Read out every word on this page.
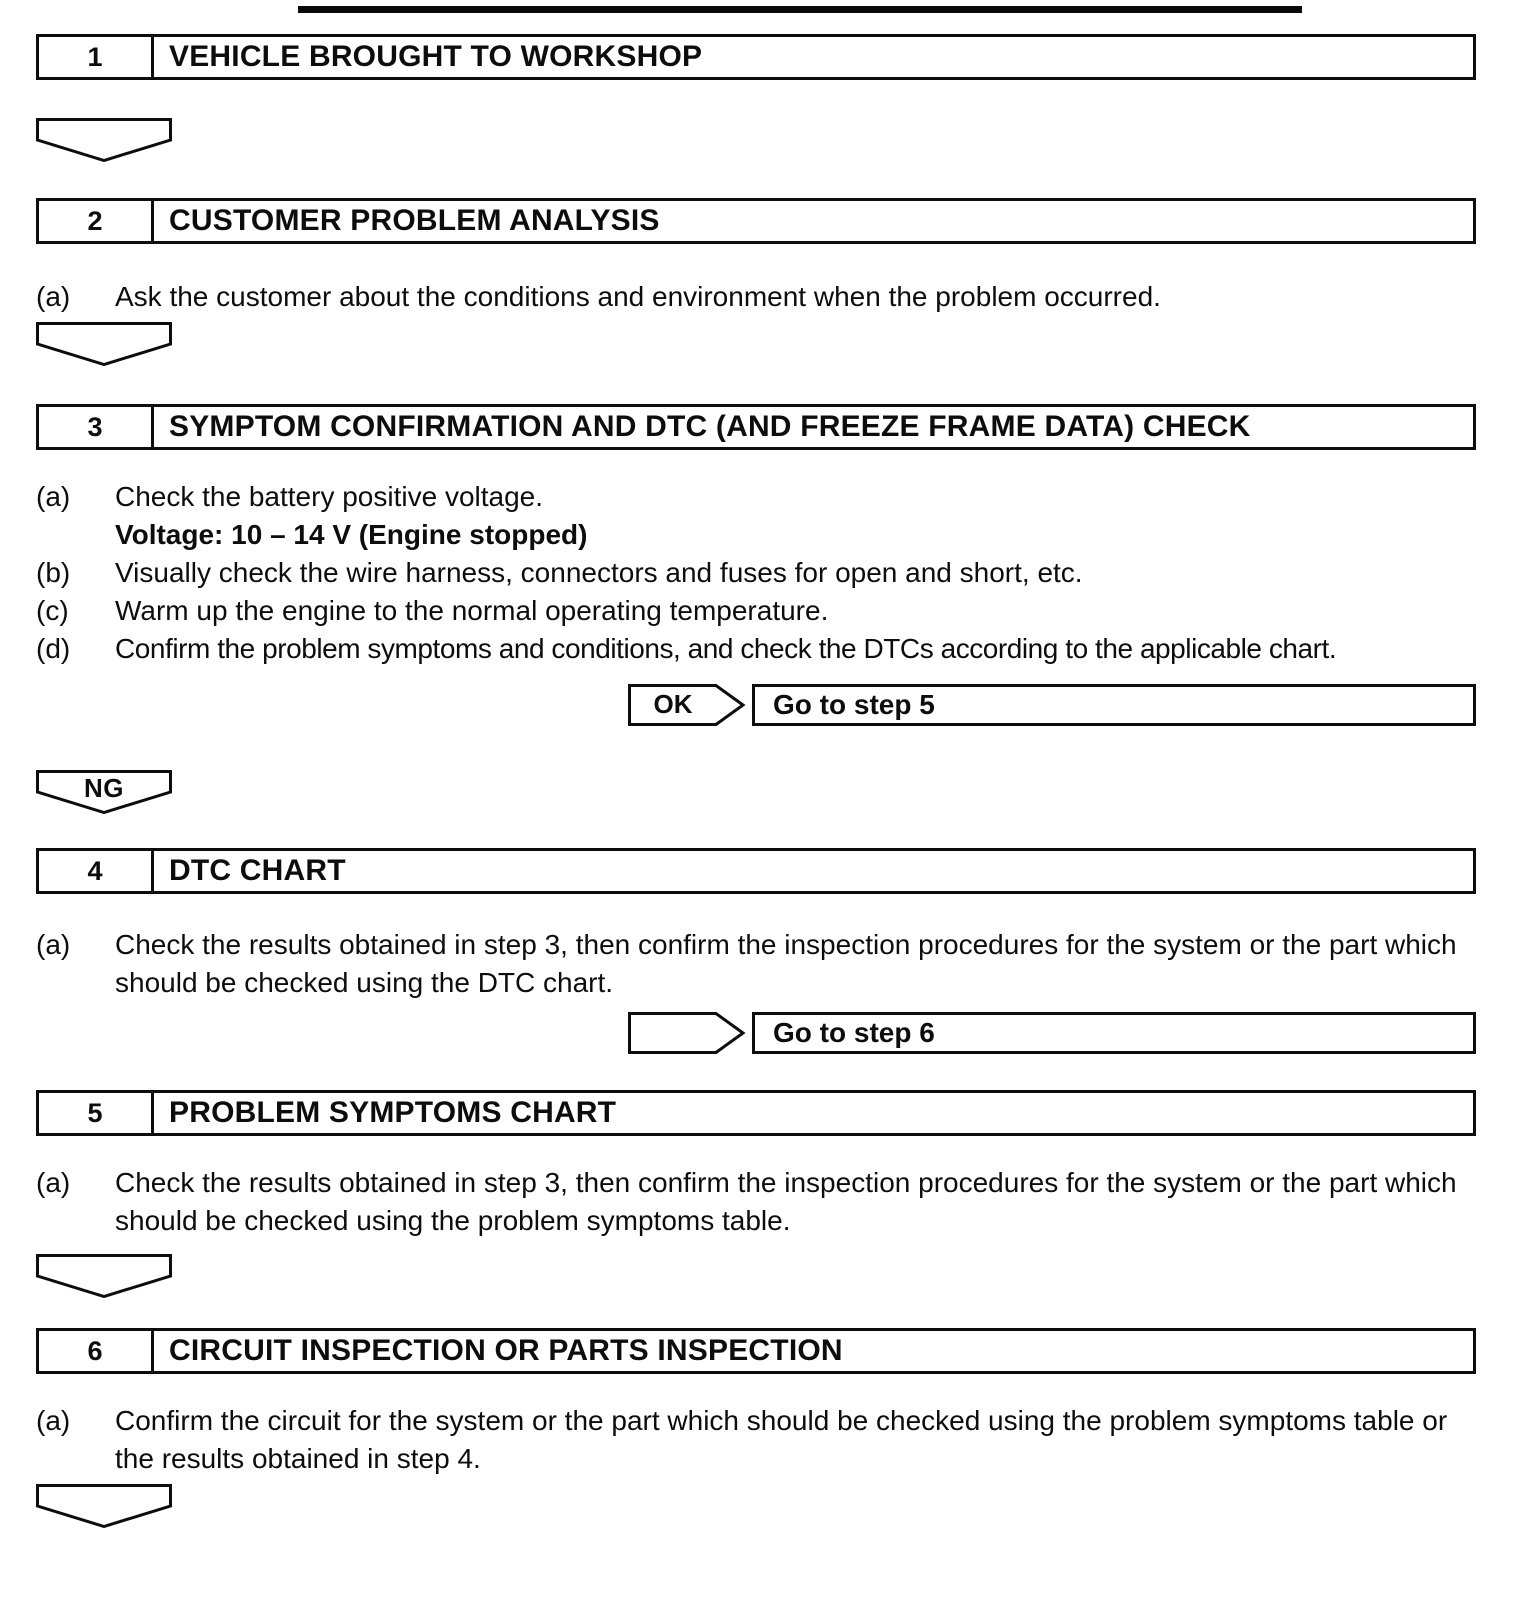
1	VEHICLE BROUGHT TO WORKSHOP
2	CUSTOMER PROBLEM ANALYSIS
(a)	Ask the customer about the conditions and environment when the problem occurred.
3	SYMPTOM CONFIRMATION AND DTC (AND FREEZE FRAME DATA) CHECK
(a)	Check the battery positive voltage.
Voltage: 10 – 14 V (Engine stopped)
(b)	Visually check the wire harness, connectors and fuses for open and short, etc.
(c)	Warm up the engine to the normal operating temperature.
(d)	Confirm the problem symptoms and conditions, and check the DTCs according to the applicable chart.
OK	Go to step 5
NG
4	DTC CHART
(a)	Check the results obtained in step 3, then confirm the inspection procedures for the system or the part which should be checked using the DTC chart.
Go to step 6
5	PROBLEM SYMPTOMS CHART
(a)	Check the results obtained in step 3, then confirm the inspection procedures for the system or the part which should be checked using the problem symptoms table.
6	CIRCUIT INSPECTION OR PARTS INSPECTION
(a)	Confirm the circuit for the system or the part which should be checked using the problem symptoms table or the results obtained in step 4.
